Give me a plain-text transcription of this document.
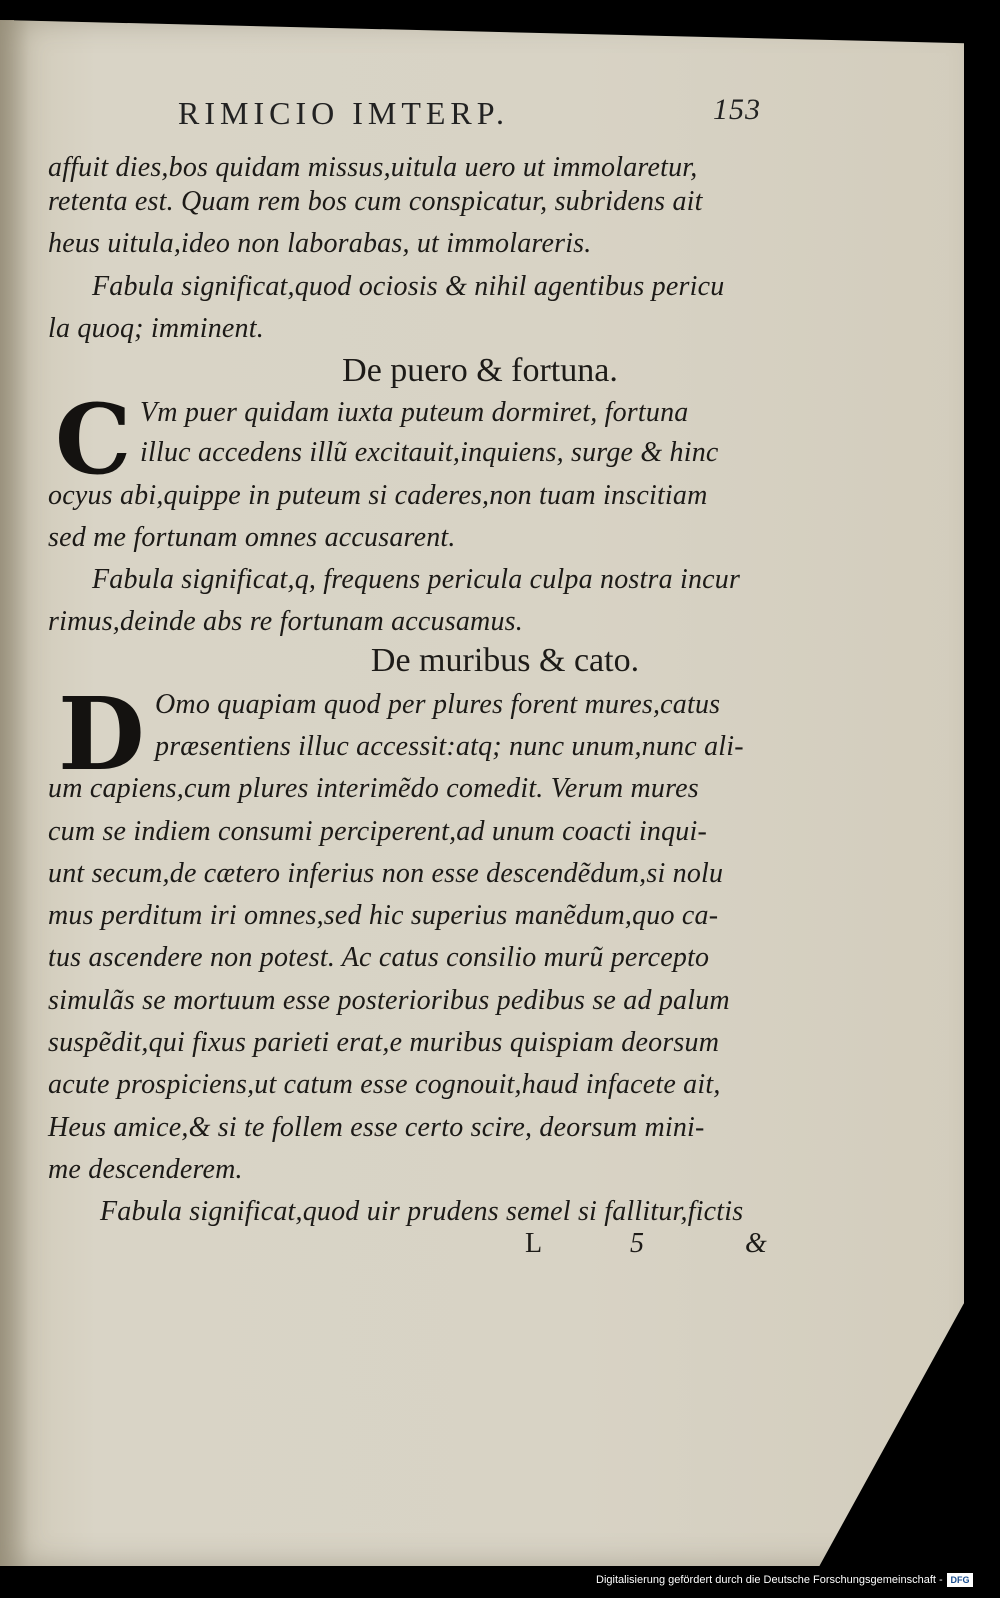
RIMICIO IMTERP.	153
affuit dies,bos quidam missus,uitula uero ut immolaretur,
retenta est. Quam rem bos cum conspicatur, subridens ait
heus uitula,ideo non laborabas, ut immolareris.
Fabula significat,quod ociosis & nihil agentibus pericu
la quoq; imminent.
De puero & fortuna.
C Vm puer quidam iuxta puteum dormiret, fortuna
illuc accedens illũ excitauit,inquiens, surge & hinc
ocyus abi,quippe in puteum si caderes,non tuam inscitiam
sed me fortunam omnes accusarent.
Fabula significat,q, frequens pericula culpa nostra incur
rimus,deinde abs re fortunam accusamus.
De muribus & cato.
D Omo quapiam quod per plures forent mures,catus
præsentiens illuc accessit:atq; nunc unum,nunc ali-
um capiens,cum plures interimẽdo comedit. Verum mures
cum se indiem consumi perciperent,ad unum coacti inqui-
unt secum,de cætero inferius non esse descendẽdum,si nolu
mus perditum iri omnes,sed hic superius manẽdum,quo ca-
tus ascendere non potest. Ac catus consilio murũ percepto
simulãs se mortuum esse posterioribus pedibus se ad palum
suspẽdit,qui fixus parieti erat,e muribus quispiam deorsum
acute prospiciens,ut catum esse cognouit,haud infacete ait,
Heus amice,& si te follem esse certo scire, deorsum mini-
me descenderem.
Fabula significat,quod uir prudens semel si fallitur,fictis
L	5	&
Digitalisierung gefördert durch die Deutsche Forschungsgemeinschaft - DFG
